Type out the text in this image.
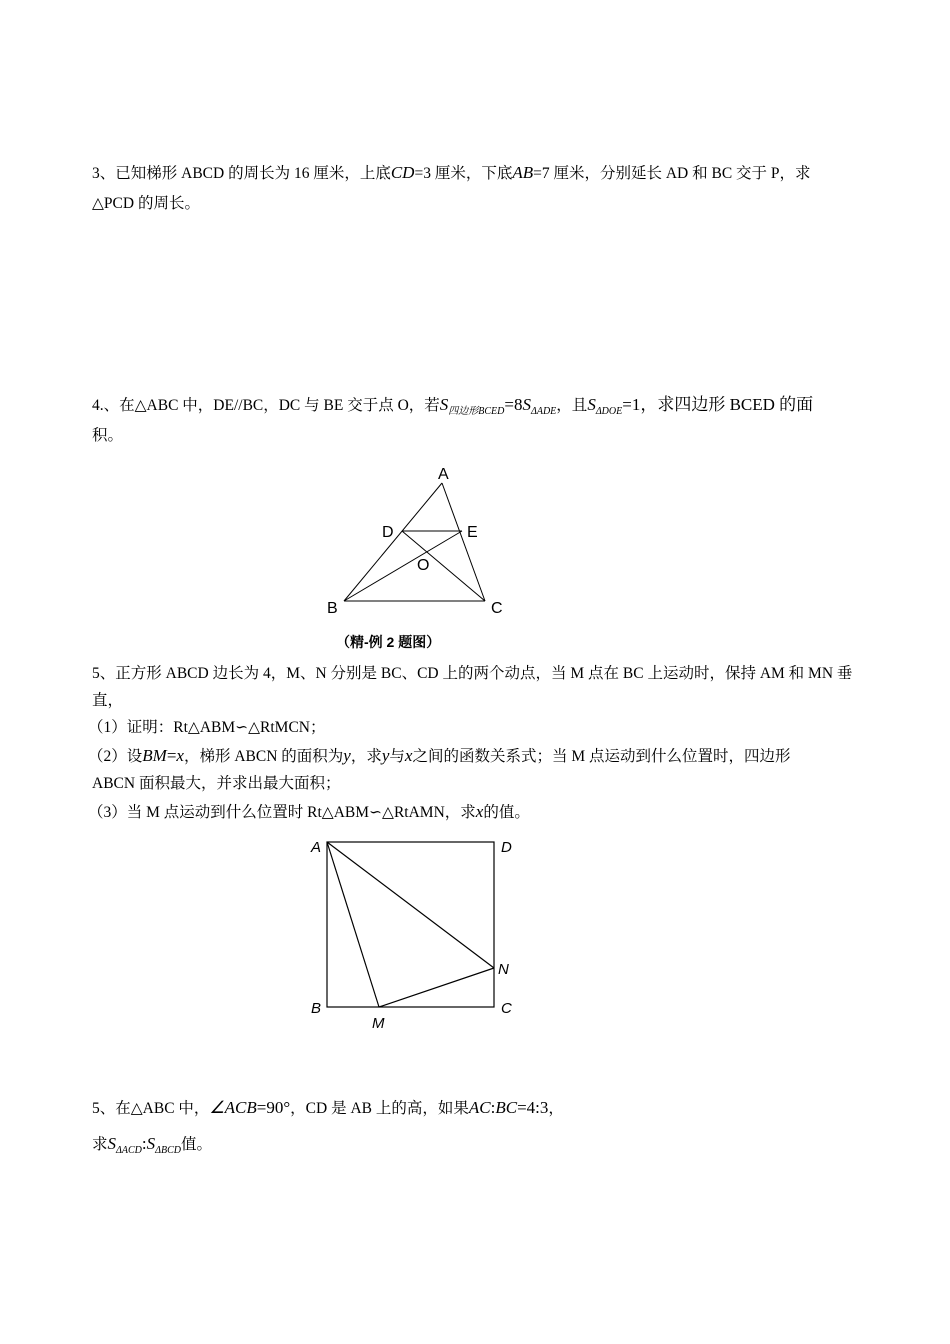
3、已知梯形 ABCD 的周长为 16 厘米，上底CD=3 厘米，下底AB=7 厘米，分别延长 AD 和 BC 交于 P，求
△PCD 的周长。
4.、在△ABC 中，DE//BC，DC 与 BE 交于点 O，若$S_{四边形BCED}=8S_{\Delta ADE}$，且$S_{\Delta DOE}=1$，求四边形 BCED 的面
积。
A
B	C
D	E
O
（精-例 2 题图）
5、正方形 ABCD 边长为 4，M、N 分别是 BC、CD 上的两个动点，当 M 点在 BC 上运动时，保持 AM 和 MN 垂
直，
（1）证明：Rt△ABM∽△RtMCN；
（2）设BM=x，梯形 ABCN 的面积为y，求y与x之间的函数关系式；当 M 点运动到什么位置时，四边形
ABCN 面积最大，并求出最大面积；
（3）当 M 点运动到什么位置时 Rt△ABM∽△RtAMN，求x的值。
A	D
B	C
N
M
5、在△ABC 中，∠ACB=90°，CD 是 AB 上的高，如果AC:BC=4:3，
求$S_{\Delta ACD}:S_{\Delta BCD}$值。
